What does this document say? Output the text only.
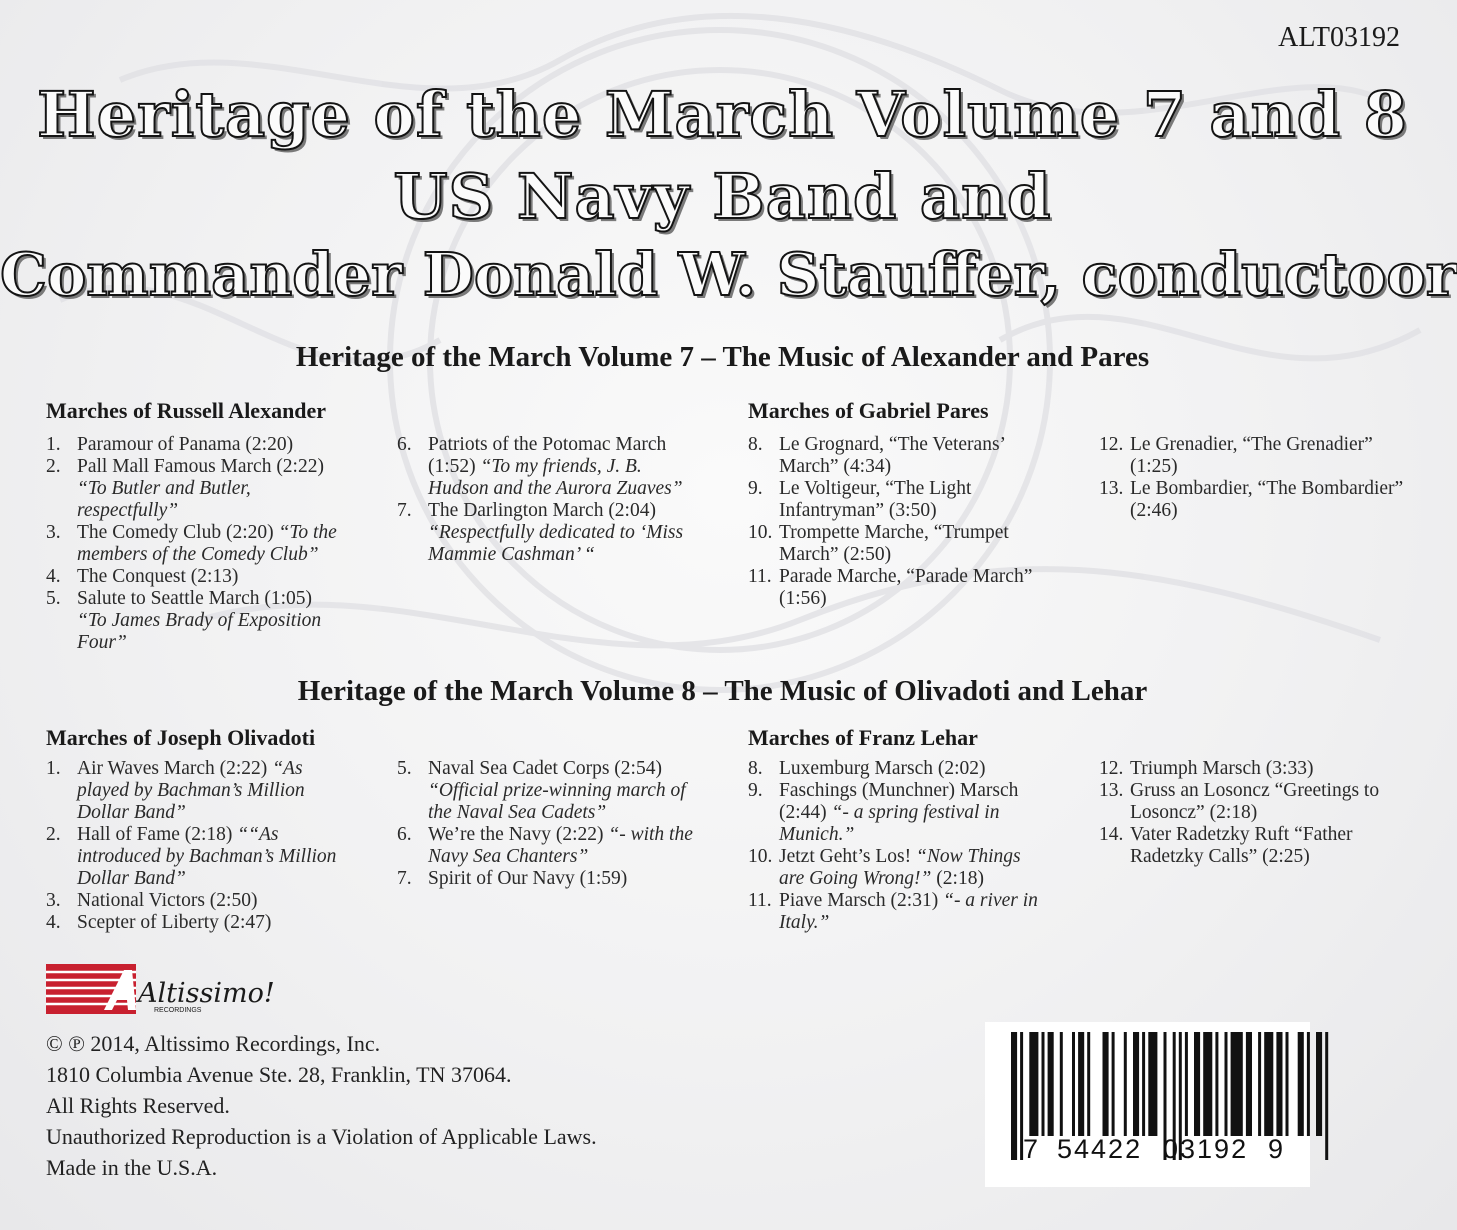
ALT03192
Heritage of the March Volume 7 and 8
US Navy Band and
Commander Donald W. Stauffer, conductoor
Heritage of the March Volume 7 – The Music of Alexander and Pares
Marches of Russell Alexander
1. Paramour of Panama (2:20)
2. Pall Mall Famous March (2:22) “To Butler and Butler, respectfully”
3. The Comedy Club (2:20) “To the members of the Comedy Club”
4. The Conquest (2:13)
5. Salute to Seattle March (1:05) “To James Brady of Exposition Four”
6. Patriots of the Potomac March (1:52) “To my friends, J. B. Hudson and the Aurora Zuaves”
7. The Darlington March (2:04) “Respectfully dedicated to ‘Miss Mammie Cashman’ “
Marches of Gabriel Pares
8. Le Grognard, “The Veterans’ March” (4:34)
9. Le Voltigeur, “The Light Infantryman” (3:50)
10. Trompette Marche, “Trumpet March” (2:50)
11. Parade Marche, “Parade March” (1:56)
12. Le Grenadier, “The Grenadier” (1:25)
13. Le Bombardier, “The Bombardier” (2:46)
Heritage of the March Volume 8 – The Music of Olivadoti and Lehar
Marches of Joseph Olivadoti
1. Air Waves March (2:22) “As played by Bachman’s Million Dollar Band”
2. Hall of Fame (2:18) ““As introduced by Bachman’s Million Dollar Band”
3. National Victors (2:50)
4. Scepter of Liberty (2:47)
5. Naval Sea Cadet Corps (2:54) “Official prize-winning march of the Naval Sea Cadets”
6. We’re the Navy (2:22) “- with the Navy Sea Chanters”
7. Spirit of Our Navy (1:59)
Marches of Franz Lehar
8. Luxemburg Marsch (2:02)
9. Faschings (Munchner) Marsch (2:44) “- a spring festival in Munich.”
10. Jetzt Geht’s Los! “Now Things are Going Wrong!” (2:18)
11. Piave Marsch (2:31) “- a river in Italy.”
12. Triumph Marsch (3:33)
13. Gruss an Losoncz “Greetings to Losoncz” (2:18)
14. Vater Radetzky Ruft “Father Radetzky Calls” (2:25)
Altissimo!
RECORDINGS
© ℗ 2014, Altissimo Recordings, Inc.
1810 Columbia Avenue Ste. 28, Franklin, TN 37064.
All Rights Reserved.
Unauthorized Reproduction is a Violation of Applicable Laws.
Made in the U.S.A.
7 54422 03192 9
